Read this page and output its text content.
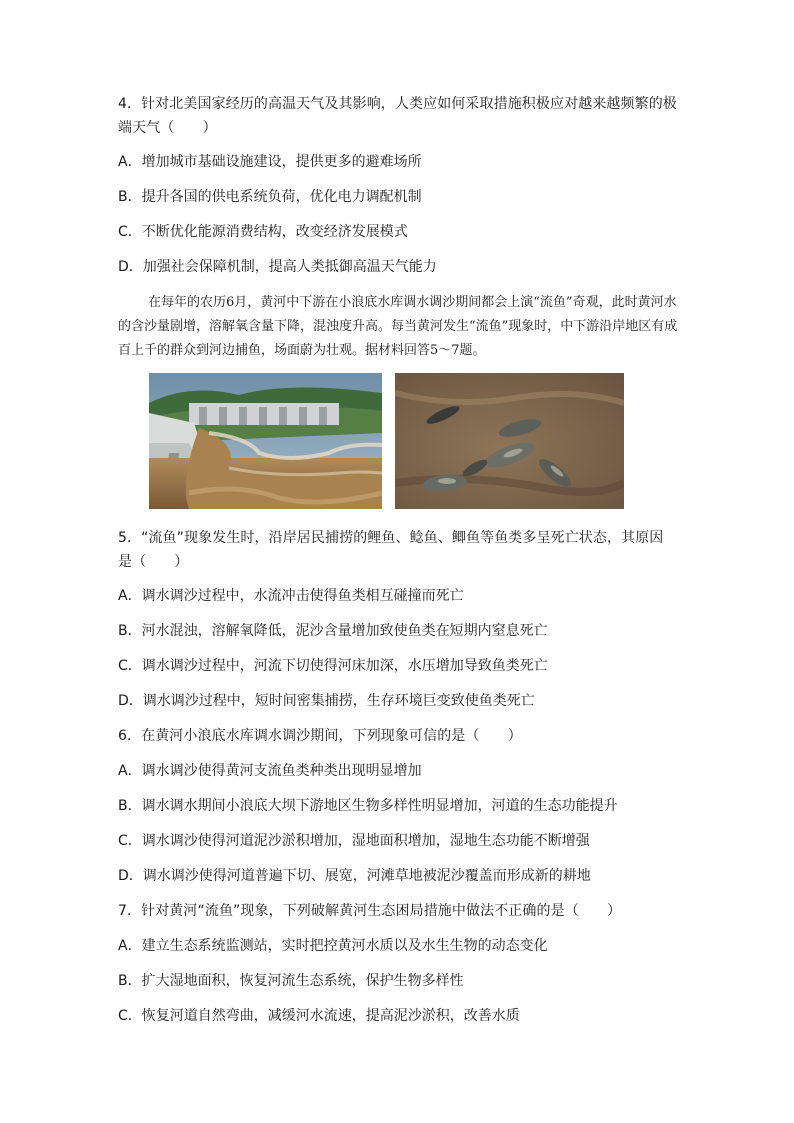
4．针对北美国家经历的高温天气及其影响，人类应如何采取措施积极应对越来越频繁的极
端天气（　　）
A．增加城市基础设施建设，提供更多的避难场所
B．提升各国的供电系统负荷，优化电力调配机制
C．不断优化能源消费结构，改变经济发展模式
D．加强社会保障机制，提高人类抵御高温天气能力
在每年的农历6月，黄河中下游在小浪底水库调水调沙期间都会上演“流鱼”奇观，此时黄河水的含沙量剧增，溶解氧含量下降，混浊度升高。每当黄河发生“流鱼”现象时，中下游沿岸地区有成百上千的群众到河边捕鱼，场面蔚为壮观。据材料回答5～7题。
5．“流鱼”现象发生时，沿岸居民捕捞的鲤鱼、鲶鱼、鲫鱼等鱼类多呈死亡状态，其原因
是（　　）
A．调水调沙过程中，水流冲击使得鱼类相互碰撞而死亡
B．河水混浊，溶解氧降低，泥沙含量增加致使鱼类在短期内窒息死亡
C．调水调沙过程中，河流下切使得河床加深，水压增加导致鱼类死亡
D．调水调沙过程中，短时间密集捕捞，生存环境巨变致使鱼类死亡
6．在黄河小浪底水库调水调沙期间，下列现象可信的是（　　）
A．调水调沙使得黄河支流鱼类种类出现明显增加
B．调水调水期间小浪底大坝下游地区生物多样性明显增加，河道的生态功能提升
C．调水调沙使得河道泥沙淤积增加，湿地面积增加，湿地生态功能不断增强
D．调水调沙使得河道普遍下切、展宽，河滩草地被泥沙覆盖而形成新的耕地
7．针对黄河“流鱼”现象，下列破解黄河生态困局措施中做法不正确的是（　　）
A．建立生态系统监测站，实时把控黄河水质以及水生生物的动态变化
B．扩大湿地面积，恢复河流生态系统，保护生物多样性
C．恢复河道自然弯曲，减缓河水流速，提高泥沙淤积，改善水质
